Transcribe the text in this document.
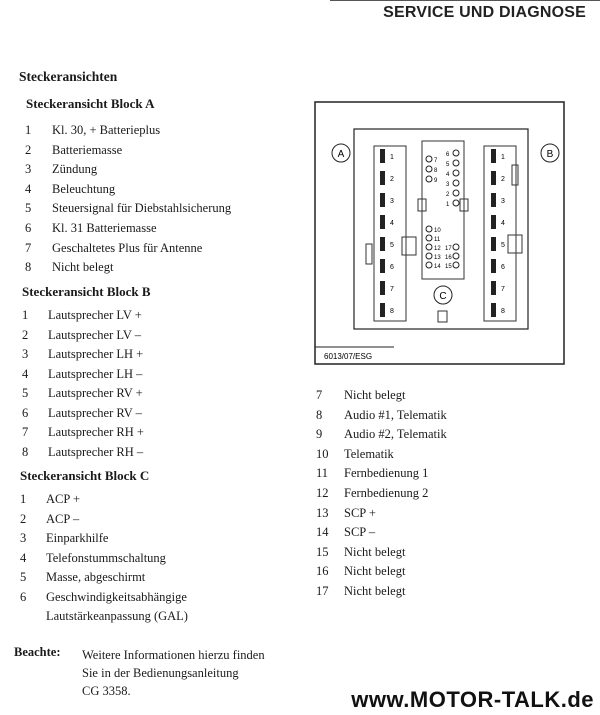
SERVICE UND DIAGNOSE
Steckeransichten
Steckeransicht Block A
1 Kl. 30, + Batterieplus
2 Batteriemasse
3 Zündung
4 Beleuchtung
5 Steuersignal für Diebstahlsicherung
6 Kl. 31 Batteriemasse
7 Geschaltetes Plus für Antenne
8 Nicht belegt
Steckeransicht Block B
1 Lautsprecher LV +
2 Lautsprecher LV –
3 Lautsprecher LH +
4 Lautsprecher LH –
5 Lautsprecher RV +
6 Lautsprecher RV –
7 Lautsprecher RH +
8 Lautsprecher RH –
Steckeransicht Block C
1 ACP +
2 ACP –
3 Einparkhilfe
4 Telefonstummschaltung
5 Masse, abgeschirmt
6 Geschwindigkeitsabhängige
Lautstärkeanpassung (GAL)
7 Nicht belegt
8 Audio #1, Telematik
9 Audio #2, Telematik
10 Telematik
11 Fernbedienung 1
12 Fernbedienung 2
13 SCP +
14 SCP –
15 Nicht belegt
16 Nicht belegt
17 Nicht belegt
Beachte: Weitere Informationen hierzu finden
Sie in der Bedienungsanleitung
CG 3358.
1
2
3
4
5
6
7
8
1
2
3
4
5
6
7
8
7
8
9
6
5
4
3
2
1
10
11
12
13
14
17
16
15
A	B
C
6013/07/ESG
www.MOTOR-TALK.de
